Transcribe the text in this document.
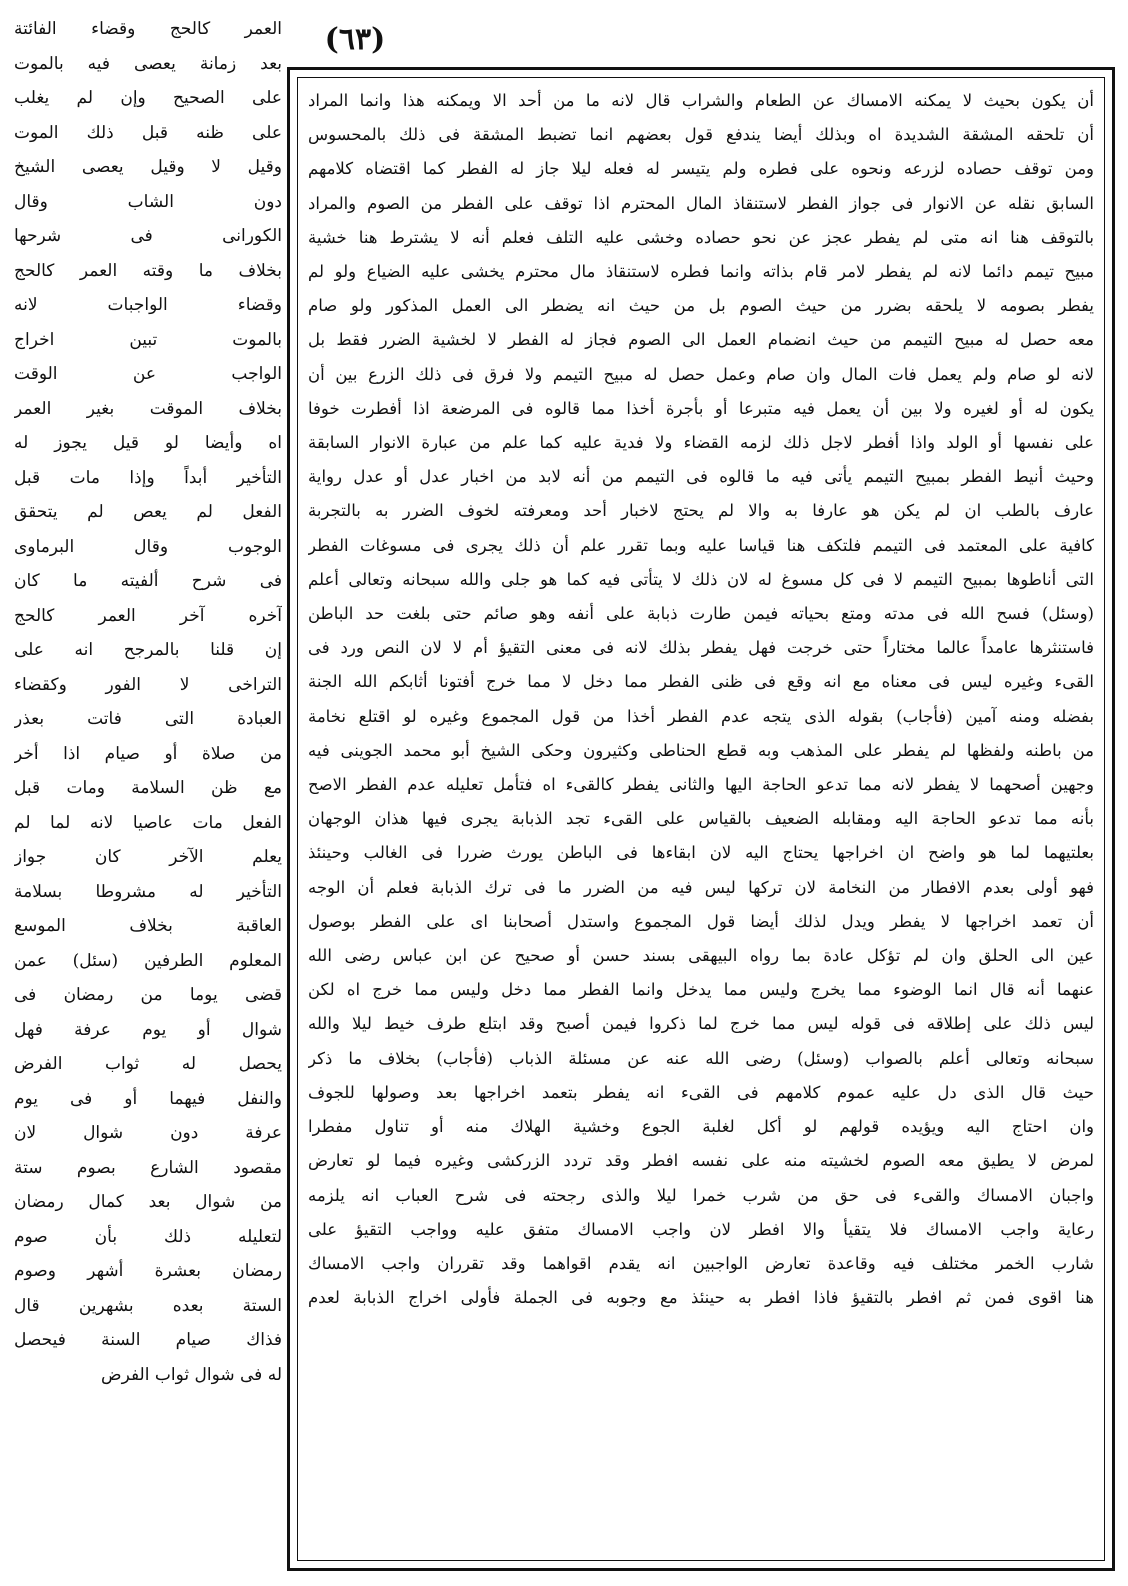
(٦٣)
العمر كالحج وقضاء الفائتة
بعد زمانة يعصى فيه بالموت
على الصحيح وإن لم يغلب
على ظنه قبل ذلك الموت
وقيل لا وقيل يعصى الشيخ
دون الشاب وقال
الكورانى فى شرحها
بخلاف ما وقته العمر كالحج
وقضاء الواجبات لانه
بالموت تبين اخراج
الواجب عن الوقت
بخلاف الموقت بغير العمر
اه وأيضا لو قيل يجوز له
التأخير أبداً وإذا مات قبل
الفعل لم يعص لم يتحقق
الوجوب وقال البرماوى
فى شرح ألفيته ما كان
آخره آخر العمر كالحج
إن قلنا بالمرجح انه على
التراخى لا الفور وكقضاء
العبادة التى فاتت بعذر
من صلاة أو صيام اذا أخر
مع ظن السلامة ومات قبل
الفعل مات عاصيا لانه لما لم
يعلم الآخر كان جواز
التأخير له مشروطا بسلامة
العاقبة بخلاف الموسع
المعلوم الطرفين (سئل) عمن
قضى يوما من رمضان فى
شوال أو يوم عرفة فهل
يحصل له ثواب الفرض
والنفل فيهما أو فى يوم
عرفة دون شوال لان
مقصود الشارع بصوم ستة
من شوال بعد كمال رمضان
لتعليله ذلك بأن صوم
رمضان بعشرة أشهر وصوم
الستة بعده بشهرين قال
فذاك صيام السنة فيحصل
له فى شوال ثواب الفرض
أن يكون بحيث لا يمكنه الامساك عن الطعام والشراب قال لانه ما من أحد الا ويمكنه هذا وانما المراد
أن تلحقه المشقة الشديدة اه وبذلك أيضا يندفع قول بعضهم انما تضبط المشقة فى ذلك بالمحسوس
ومن توقف حصاده لزرعه ونحوه على فطره ولم يتيسر له فعله ليلا جاز له الفطر كما اقتضاه كلامهم
السابق نقله عن الانوار فى جواز الفطر لاستنقاذ المال المحترم اذا توقف على الفطر من الصوم والمراد
بالتوقف هنا انه متى لم يفطر عجز عن نحو حصاده وخشى عليه التلف فعلم أنه لا يشترط هنا خشية
مبيح تيمم دائما لانه لم يفطر لامر قام بذاته وانما فطره لاستنقاذ مال محترم يخشى عليه الضياع ولو لم
يفطر بصومه لا يلحقه بضرر من حيث الصوم بل من حيث انه يضطر الى العمل المذكور ولو صام
معه حصل له مبيح التيمم من حيث انضمام العمل الى الصوم فجاز له الفطر لا لخشية الضرر فقط بل
لانه لو صام ولم يعمل فات المال وان صام وعمل حصل له مبيح التيمم ولا فرق فى ذلك الزرع بين أن
يكون له أو لغيره ولا بين أن يعمل فيه متبرعا أو بأجرة أخذا مما قالوه فى المرضعة اذا أفطرت خوفا
على نفسها أو الولد واذا أفطر لاجل ذلك لزمه القضاء ولا فدية عليه كما علم من عبارة الانوار السابقة
وحيث أنيط الفطر بمبيح التيمم يأتى فيه ما قالوه فى التيمم من أنه لابد من اخبار عدل أو عدل رواية
عارف بالطب ان لم يكن هو عارفا به والا لم يحتج لاخبار أحد ومعرفته لخوف الضرر به بالتجربة
كافية على المعتمد فى التيمم فلتكف هنا قياسا عليه وبما تقرر علم أن ذلك يجرى فى مسوغات الفطر
التى أناطوها بمبيح التيمم لا فى كل مسوغ له لان ذلك لا يتأتى فيه كما هو جلى والله سبحانه وتعالى أعلم
(وسئل) فسح الله فى مدته ومتع بحياته فيمن طارت ذبابة على أنفه وهو صائم حتى بلغت حد الباطن
فاستنثرها عامداً عالما مختاراً حتى خرجت فهل يفطر بذلك لانه فى معنى التقيؤ أم لا لان النص ورد فى
القىء وغيره ليس فى معناه مع انه وقع فى ظنى الفطر مما دخل لا مما خرج أفتونا أثابكم الله الجنة
بفضله ومنه آمين (فأجاب) بقوله الذى يتجه عدم الفطر أخذا من قول المجموع وغيره لو اقتلع نخامة
من باطنه ولفظها لم يفطر على المذهب وبه قطع الحناطى وكثيرون وحكى الشيخ أبو محمد الجوينى فيه
وجهين أصحهما لا يفطر لانه مما تدعو الحاجة اليها والثانى يفطر كالقىء اه فتأمل تعليله عدم الفطر الاصح
بأنه مما تدعو الحاجة اليه ومقابله الضعيف بالقياس على القىء تجد الذبابة يجرى فيها هذان الوجهان
بعلتيهما لما هو واضح ان اخراجها يحتاج اليه لان ابقاءها فى الباطن يورث ضررا فى الغالب وحينئذ
فهو أولى بعدم الافطار من النخامة لان تركها ليس فيه من الضرر ما فى ترك الذبابة فعلم أن الوجه
أن تعمد اخراجها لا يفطر ويدل لذلك أيضا قول المجموع واستدل أصحابنا اى على الفطر بوصول
عين الى الحلق وان لم تؤكل عادة بما رواه البيهقى بسند حسن أو صحيح عن ابن عباس رضى الله
عنهما أنه قال انما الوضوء مما يخرج وليس مما يدخل وانما الفطر مما دخل وليس مما خرج اه لكن
ليس ذلك على إطلاقه فى قوله ليس مما خرج لما ذكروا فيمن أصبح وقد ابتلع طرف خيط ليلا والله
سبحانه وتعالى أعلم بالصواب (وسئل) رضى الله عنه عن مسئلة الذباب (فأجاب) بخلاف ما ذكر
حيث قال الذى دل عليه عموم كلامهم فى القىء انه يفطر بتعمد اخراجها بعد وصولها للجوف
وان احتاج اليه ويؤيده قولهم لو أكل لغلبة الجوع وخشية الهلاك منه أو تناول مفطرا
لمرض لا يطيق معه الصوم لخشيته منه على نفسه افطر وقد تردد الزركشى وغيره فيما لو تعارض
واجبان الامساك والقىء فى حق من شرب خمرا ليلا والذى رجحته فى شرح العباب انه يلزمه
رعاية واجب الامساك فلا يتقيأ والا افطر لان واجب الامساك متفق عليه وواجب التقيؤ على
شارب الخمر مختلف فيه وقاعدة تعارض الواجبين انه يقدم اقواهما وقد تقرران واجب الامساك
هنا اقوى فمن ثم افطر بالتقيؤ فاذا افطر به حينئذ مع وجوبه فى الجملة فأولى اخراج الذبابة لعدم
